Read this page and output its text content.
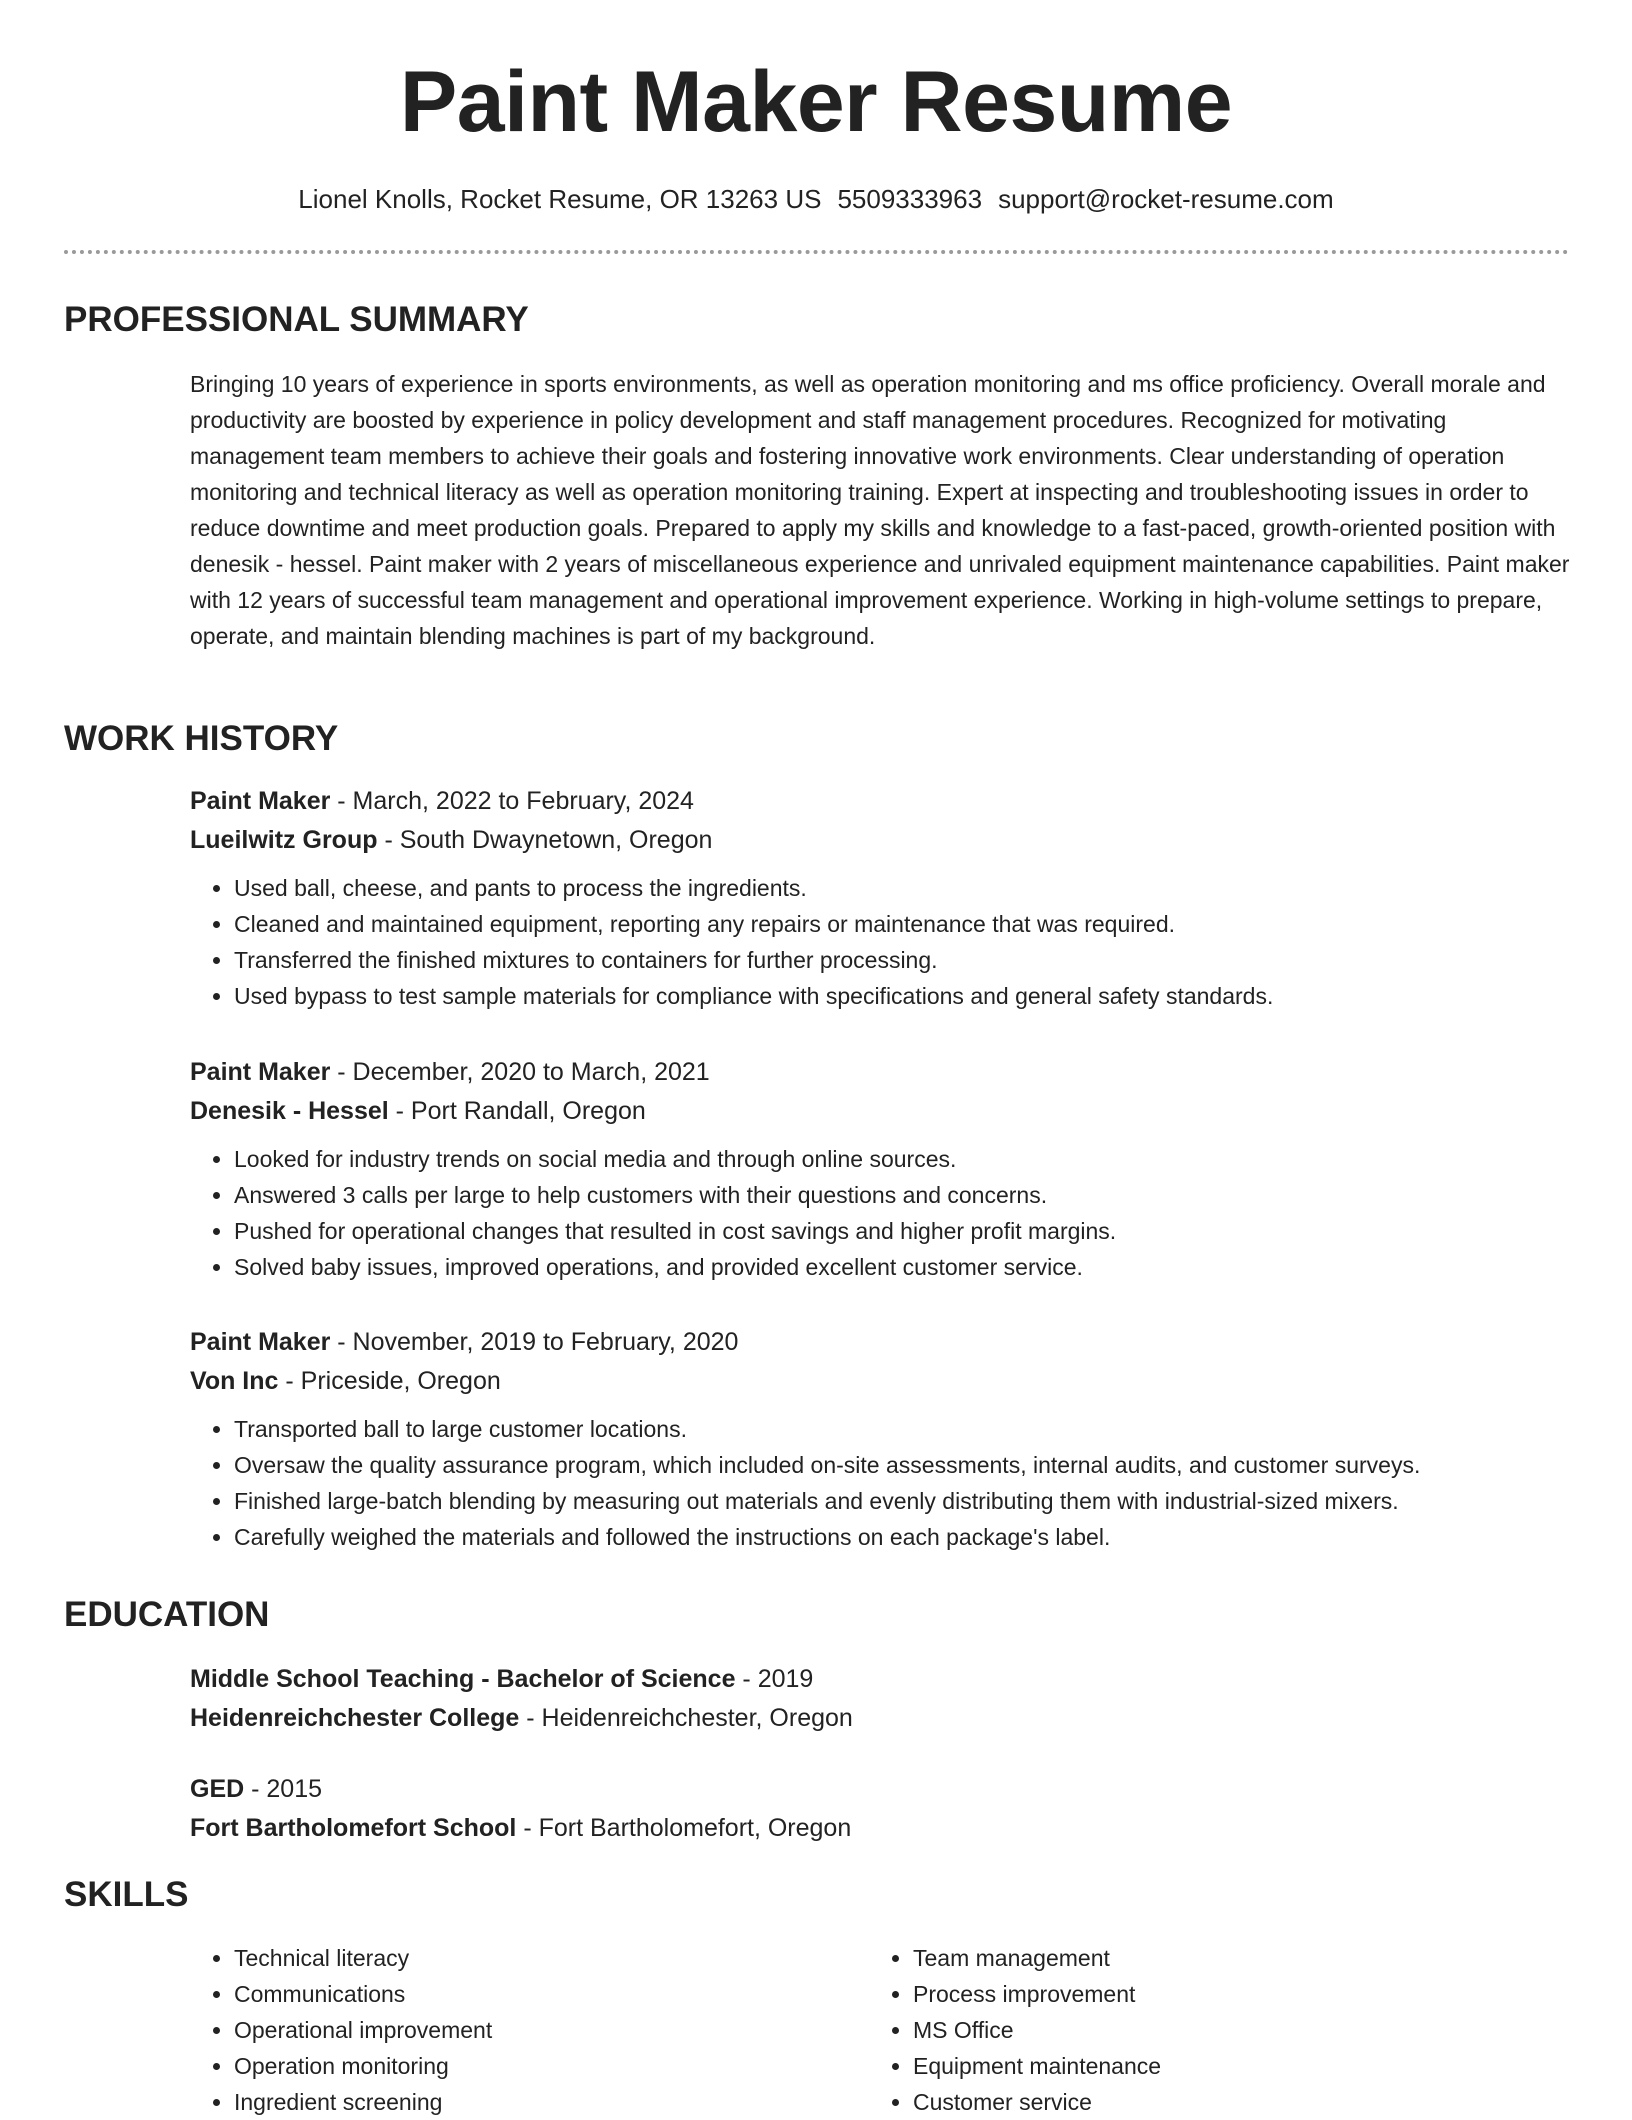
Paint Maker Resume
Lionel Knolls, Rocket Resume, OR 13263 US 5509333963 support@rocket-resume.com
PROFESSIONAL SUMMARY

Bringing 10 years of experience in sports environments, as well as operation monitoring and ms office proficiency. Overall morale and productivity are boosted by experience in policy development and staff management procedures. Recognized for motivating management team members to achieve their goals and fostering innovative work environments. Clear understanding of operation monitoring and technical literacy as well as operation monitoring training. Expert at inspecting and troubleshooting issues in order to reduce downtime and meet production goals. Prepared to apply my skills and knowledge to a fast-paced, growth-oriented position with denesik - hessel. Paint maker with 2 years of miscellaneous experience and unrivaled equipment maintenance capabilities. Paint maker with 12 years of successful team management and operational improvement experience. Working in high-volume settings to prepare, operate, and maintain blending machines is part of my background.

WORK HISTORY
Paint Maker - March, 2022 to February, 2024
Lueilwitz Group - South Dwaynetown, Oregon
• Used ball, cheese, and pants to process the ingredients.
• Cleaned and maintained equipment, reporting any repairs or maintenance that was required.
• Transferred the finished mixtures to containers for further processing.
• Used bypass to test sample materials for compliance with specifications and general safety standards.
Paint Maker - December, 2020 to March, 2021
Denesik - Hessel - Port Randall, Oregon
• Looked for industry trends on social media and through online sources.
• Answered 3 calls per large to help customers with their questions and concerns.
• Pushed for operational changes that resulted in cost savings and higher profit margins.
• Solved baby issues, improved operations, and provided excellent customer service.
Paint Maker - November, 2019 to February, 2020
Von Inc - Priceside, Oregon
• Transported ball to large customer locations.
• Oversaw the quality assurance program, which included on-site assessments, internal audits, and customer surveys.
• Finished large-batch blending by measuring out materials and evenly distributing them with industrial-sized mixers.
• Carefully weighed the materials and followed the instructions on each package's label.
EDUCATION
Middle School Teaching - Bachelor of Science - 2019
Heidenreichchester College - Heidenreichchester, Oregon
GED - 2015
Fort Bartholomefort School - Fort Bartholomefort, Oregon
SKILLS
• Technical literacy
• Communications
• Operational improvement
• Operation monitoring
• Ingredient screening
• Team management
• Process improvement
• MS Office
• Equipment maintenance
• Customer service
